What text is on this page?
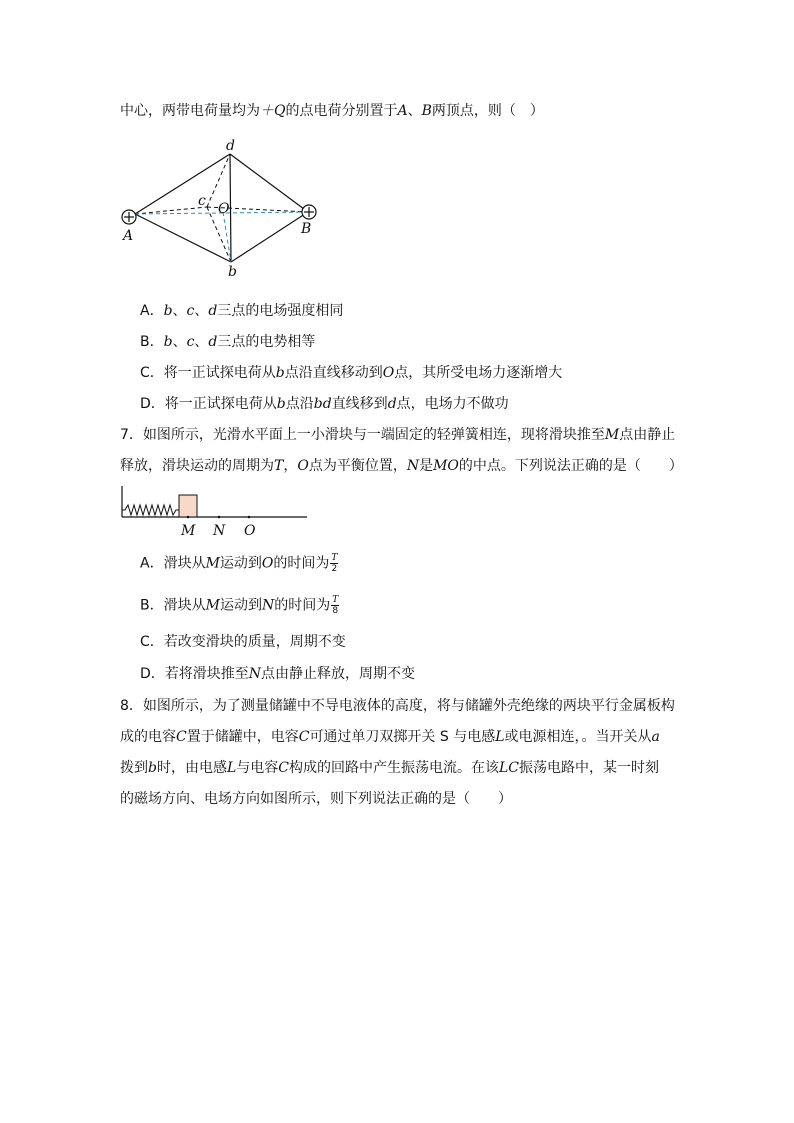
中心，两带电荷量均为＋Q的点电荷分别置于A、B两顶点，则（　）
d
c O
A	B
b
A．b、c、d三点的电场强度相同
B．b、c、d三点的电势相等
C．将一正试探电荷从b点沿直线移动到O点，其所受电场力逐渐增大
D．将一正试探电荷从b点沿bd直线移到d点，电场力不做功
7．如图所示，光滑水平面上一小滑块与一端固定的轻弹簧相连，现将滑块推至M点由静止
释放，滑块运动的周期为T，O点为平衡位置，N是MO的中点。下列说法正确的是（　　）
M N O
A．滑块从M运动到O的时间为 $\frac{T}{2}$
B．滑块从M运动到N的时间为 $\frac{T}{8}$
C．若改变滑块的质量，周期不变
D．若将滑块推至N点由静止释放，周期不变
8．如图所示，为了测量储罐中不导电液体的高度，将与储罐外壳绝缘的两块平行金属板构
成的电容C置于储罐中，电容C可通过单刀双掷开关 S 与电感L或电源相连，。当开关从a
拨到b时，由电感L与电容C构成的回路中产生振荡电流。在该LC振荡电路中，某一时刻
的磁场方向、电场方向如图所示，则下列说法正确的是（　　）
